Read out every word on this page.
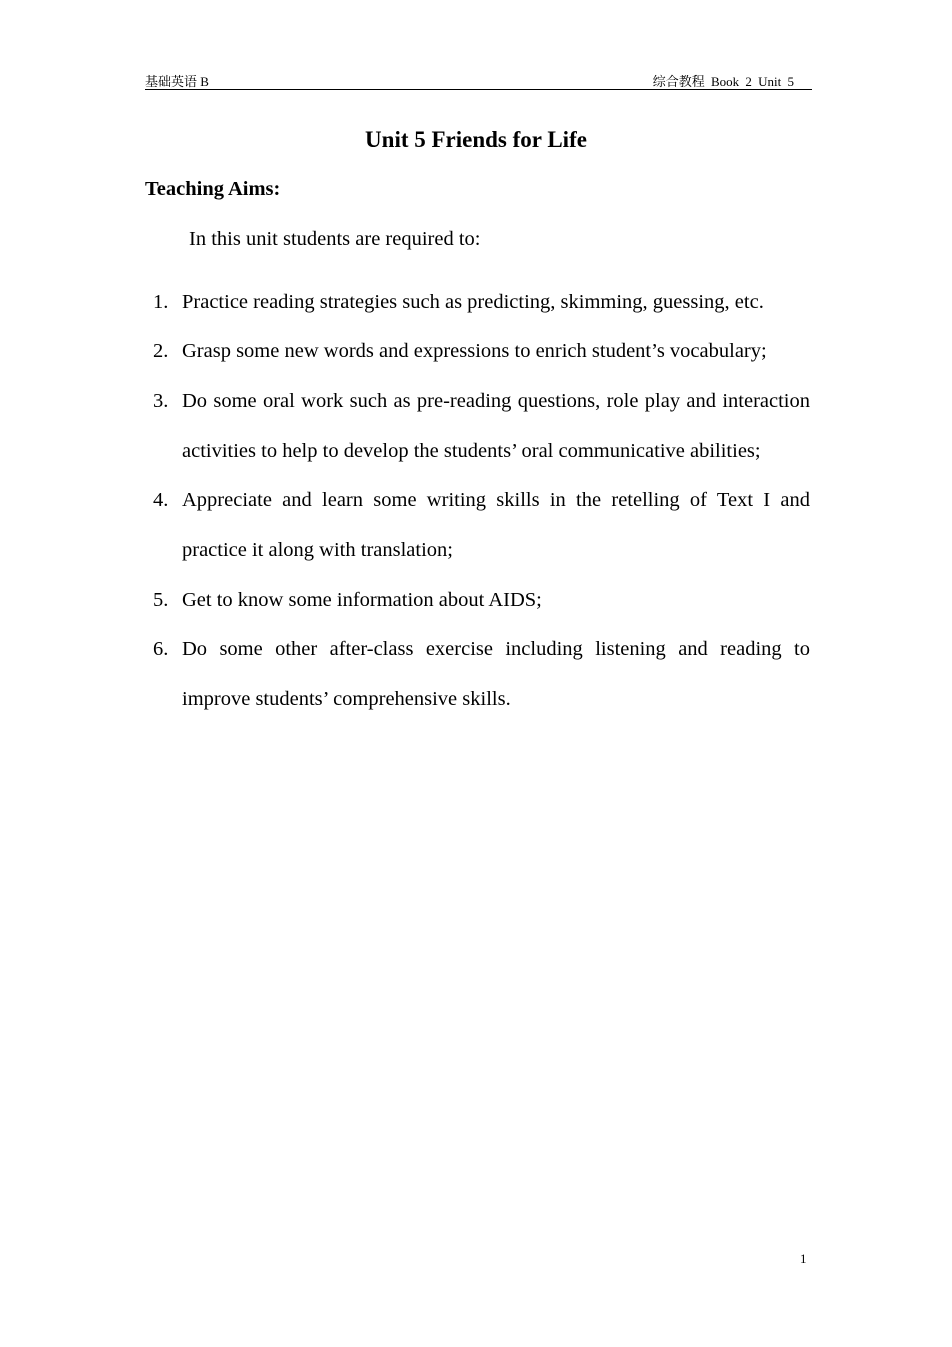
基础英语 B	综合教程 Book 2 Unit 5
Unit 5 Friends for Life
Teaching Aims:
In this unit students are required to:
1. Practice reading strategies such as predicting, skimming, guessing, etc.
2. Grasp some new words and expressions to enrich student’s vocabulary;
3. Do some oral work such as pre-reading questions, role play and interaction activities to help to develop the students’ oral communicative abilities;
4. Appreciate and learn some writing skills in the retelling of Text I and practice it along with translation;
5. Get to know some information about AIDS;
6. Do some other after-class exercise including listening and reading to improve students’ comprehensive skills.
1
